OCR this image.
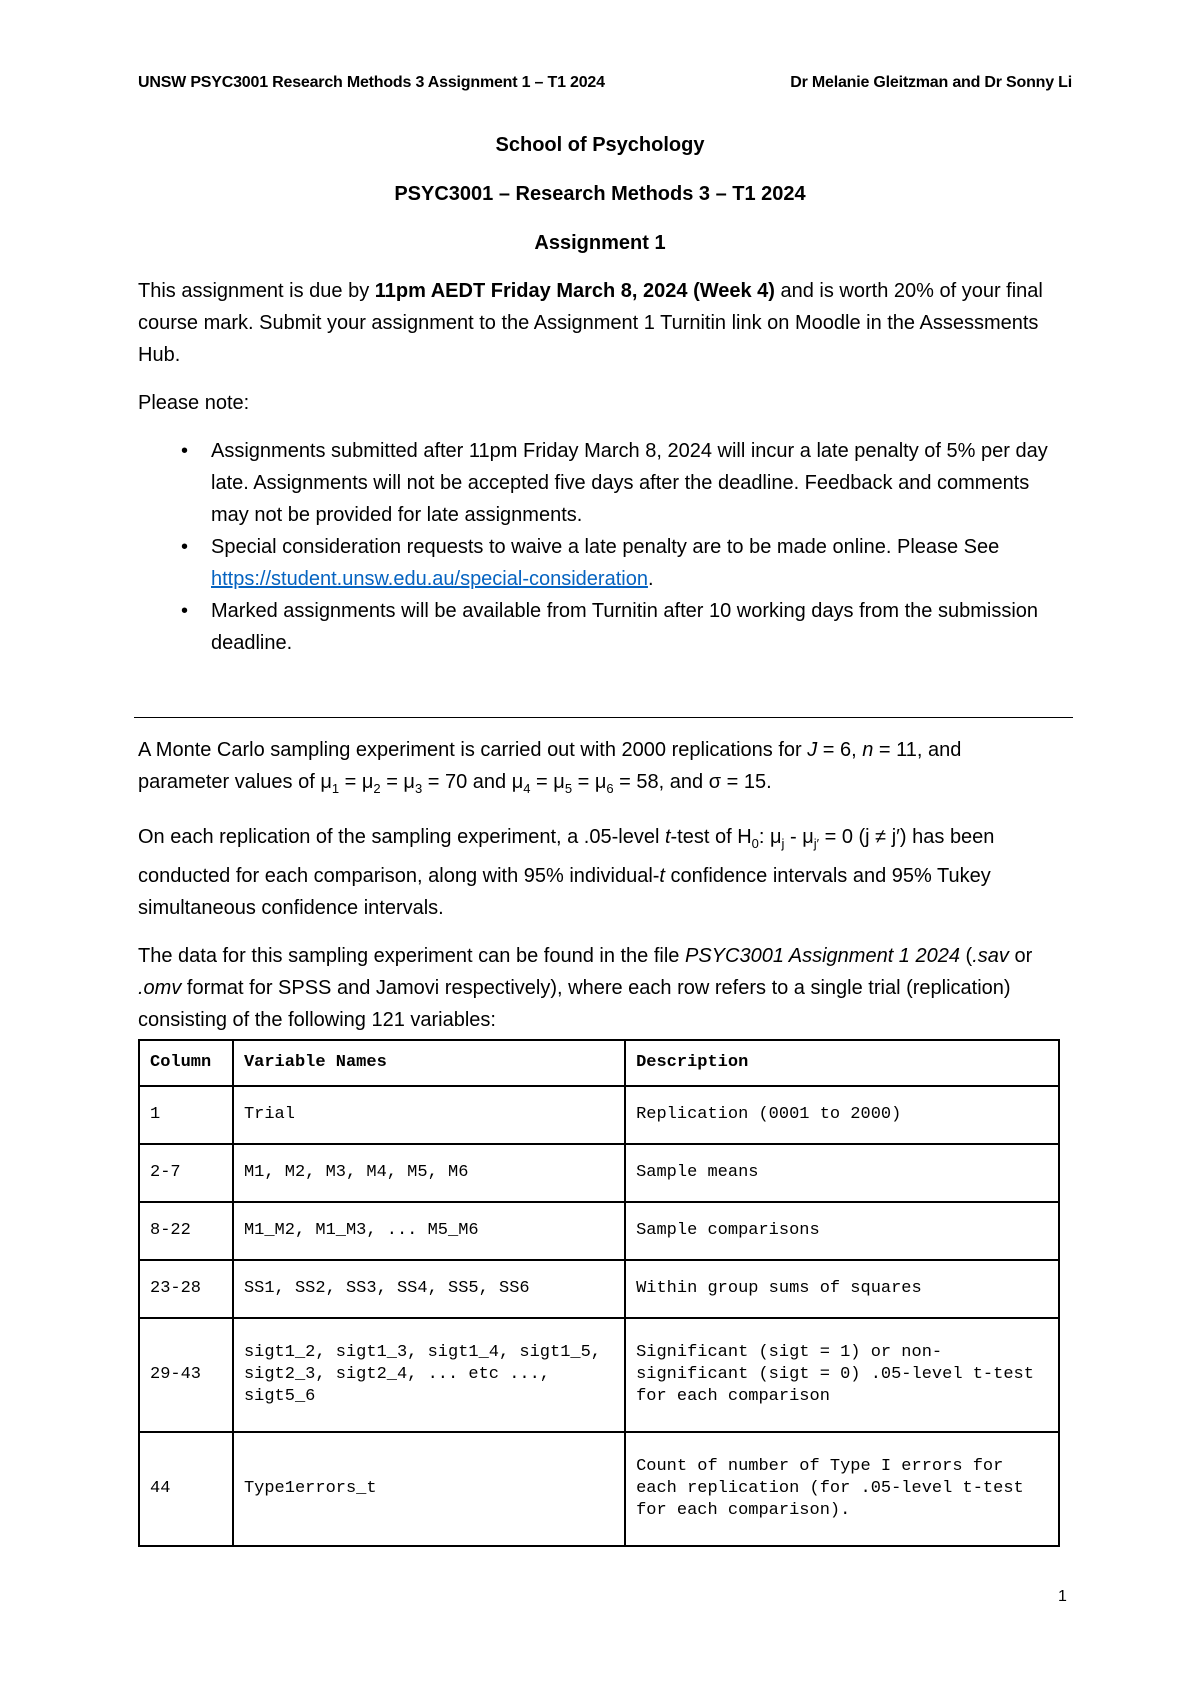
UNSW PSYC3001 Research Methods 3 Assignment 1 – T1 2024	Dr Melanie Gleitzman and Dr Sonny Li
School of Psychology
PSYC3001 – Research Methods 3 – T1 2024
Assignment 1

This assignment is due by 11pm AEDT Friday March 8, 2024 (Week 4) and is worth 20% of your final course mark. Submit your assignment to the Assignment 1 Turnitin link on Moodle in the Assessments Hub.

Please note:

• Assignments submitted after 11pm Friday March 8, 2024 will incur a late penalty of 5% per day late. Assignments will not be accepted five days after the deadline. Feedback and comments may not be provided for late assignments.
• Special consideration requests to waive a late penalty are to be made online. Please See https://student.unsw.edu.au/special-consideration.
• Marked assignments will be available from Turnitin after 10 working days from the submission deadline.

A Monte Carlo sampling experiment is carried out with 2000 replications for J = 6, n = 11, and parameter values of $\mu_1 = \mu_2 = \mu_3 = 70$ and $\mu_4 = \mu_5 = \mu_6 = 58$, and σ = 15.

On each replication of the sampling experiment, a .05-level t-test of $H_0$: $\mu_j - \mu_{j'} = 0$ (j ≠ j′) has been conducted for each comparison, along with 95% individual-t confidence intervals and 95% Tukey simultaneous confidence intervals.

The data for this sampling experiment can be found in the file PSYC3001 Assignment 1 2024 (.sav or .omv format for SPSS and Jamovi respectively), where each row refers to a single trial (replication) consisting of the following 121 variables:

Column	Variable Names	Description
1	Trial	Replication (0001 to 2000)
2-7	M1, M2, M3, M4, M5, M6	Sample means
8-22	M1_M2, M1_M3, ... M5_M6	Sample comparisons
23-28	SS1, SS2, SS3, SS4, SS5, SS6	Within group sums of squares
29-43	sigt1_2, sigt1_3, sigt1_4, sigt1_5, sigt2_3, sigt2_4, ... etc ..., sigt5_6	Significant (sigt = 1) or non-significant (sigt = 0) .05-level t-test for each comparison
44	Type1errors_t	Count of number of Type I errors for each replication (for .05-level t-test for each comparison).
1
